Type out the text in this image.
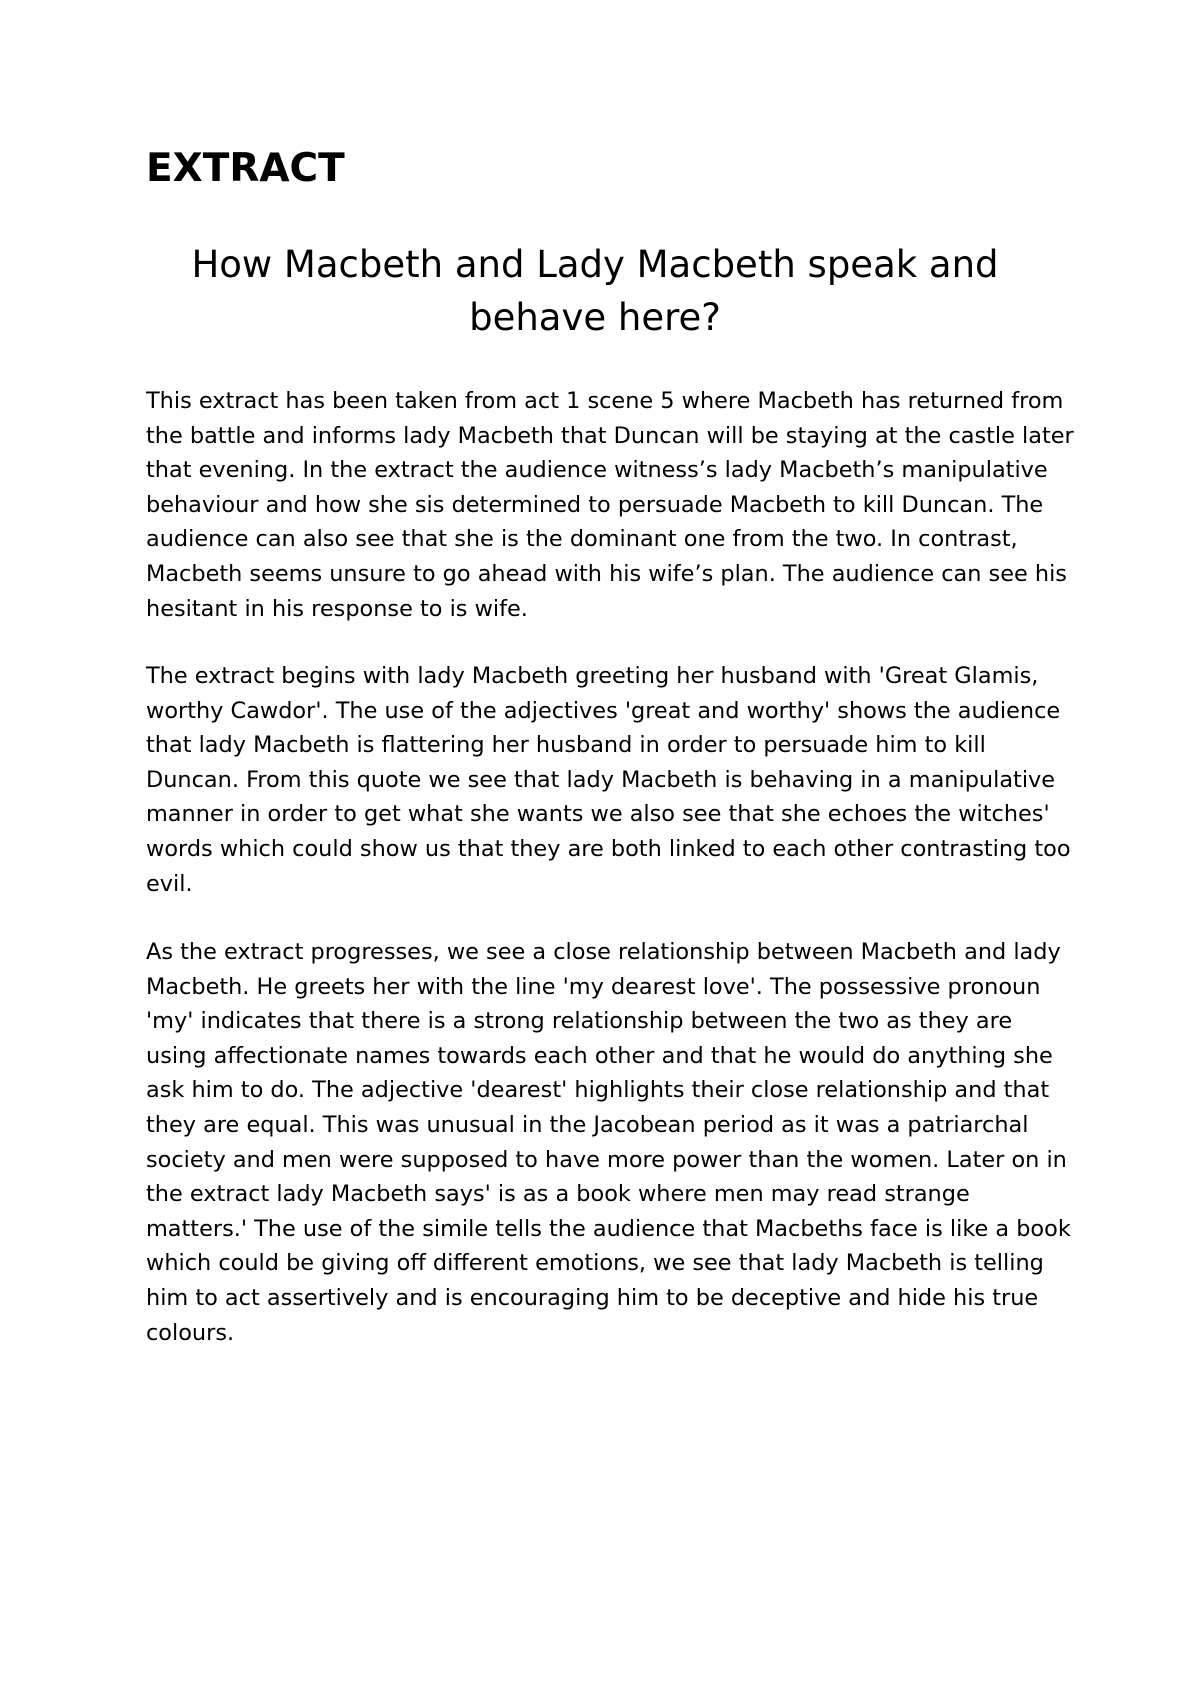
EXTRACT
How Macbeth and Lady Macbeth speak and behave here?

This extract has been taken from act 1 scene 5 where Macbeth has returned from the battle and informs lady Macbeth that Duncan will be staying at the castle later that evening. In the extract the audience witness’s lady Macbeth’s manipulative behaviour and how she sis determined to persuade Macbeth to kill Duncan. The audience can also see that she is the dominant one from the two. In contrast, Macbeth seems unsure to go ahead with his wife’s plan. The audience can see his hesitant in his response to is wife.

The extract begins with lady Macbeth greeting her husband with 'Great Glamis, worthy Cawdor'. The use of the adjectives 'great and worthy' shows the audience that lady Macbeth is flattering her husband in order to persuade him to kill Duncan. From this quote we see that lady Macbeth is behaving in a manipulative manner in order to get what she wants we also see that she echoes the witches' words which could show us that they are both linked to each other contrasting too evil.

As the extract progresses, we see a close relationship between Macbeth and lady Macbeth. He greets her with the line 'my dearest love'. The possessive pronoun 'my' indicates that there is a strong relationship between the two as they are using affectionate names towards each other and that he would do anything she ask him to do. The adjective 'dearest' highlights their close relationship and that they are equal. This was unusual in the Jacobean period as it was a patriarchal society and men were supposed to have more power than the women. Later on in the extract lady Macbeth says' is as a book where men may read strange matters.' The use of the simile tells the audience that Macbeths face is like a book which could be giving off different emotions, we see that lady Macbeth is telling him to act assertively and is encouraging him to be deceptive and hide his true colours.
